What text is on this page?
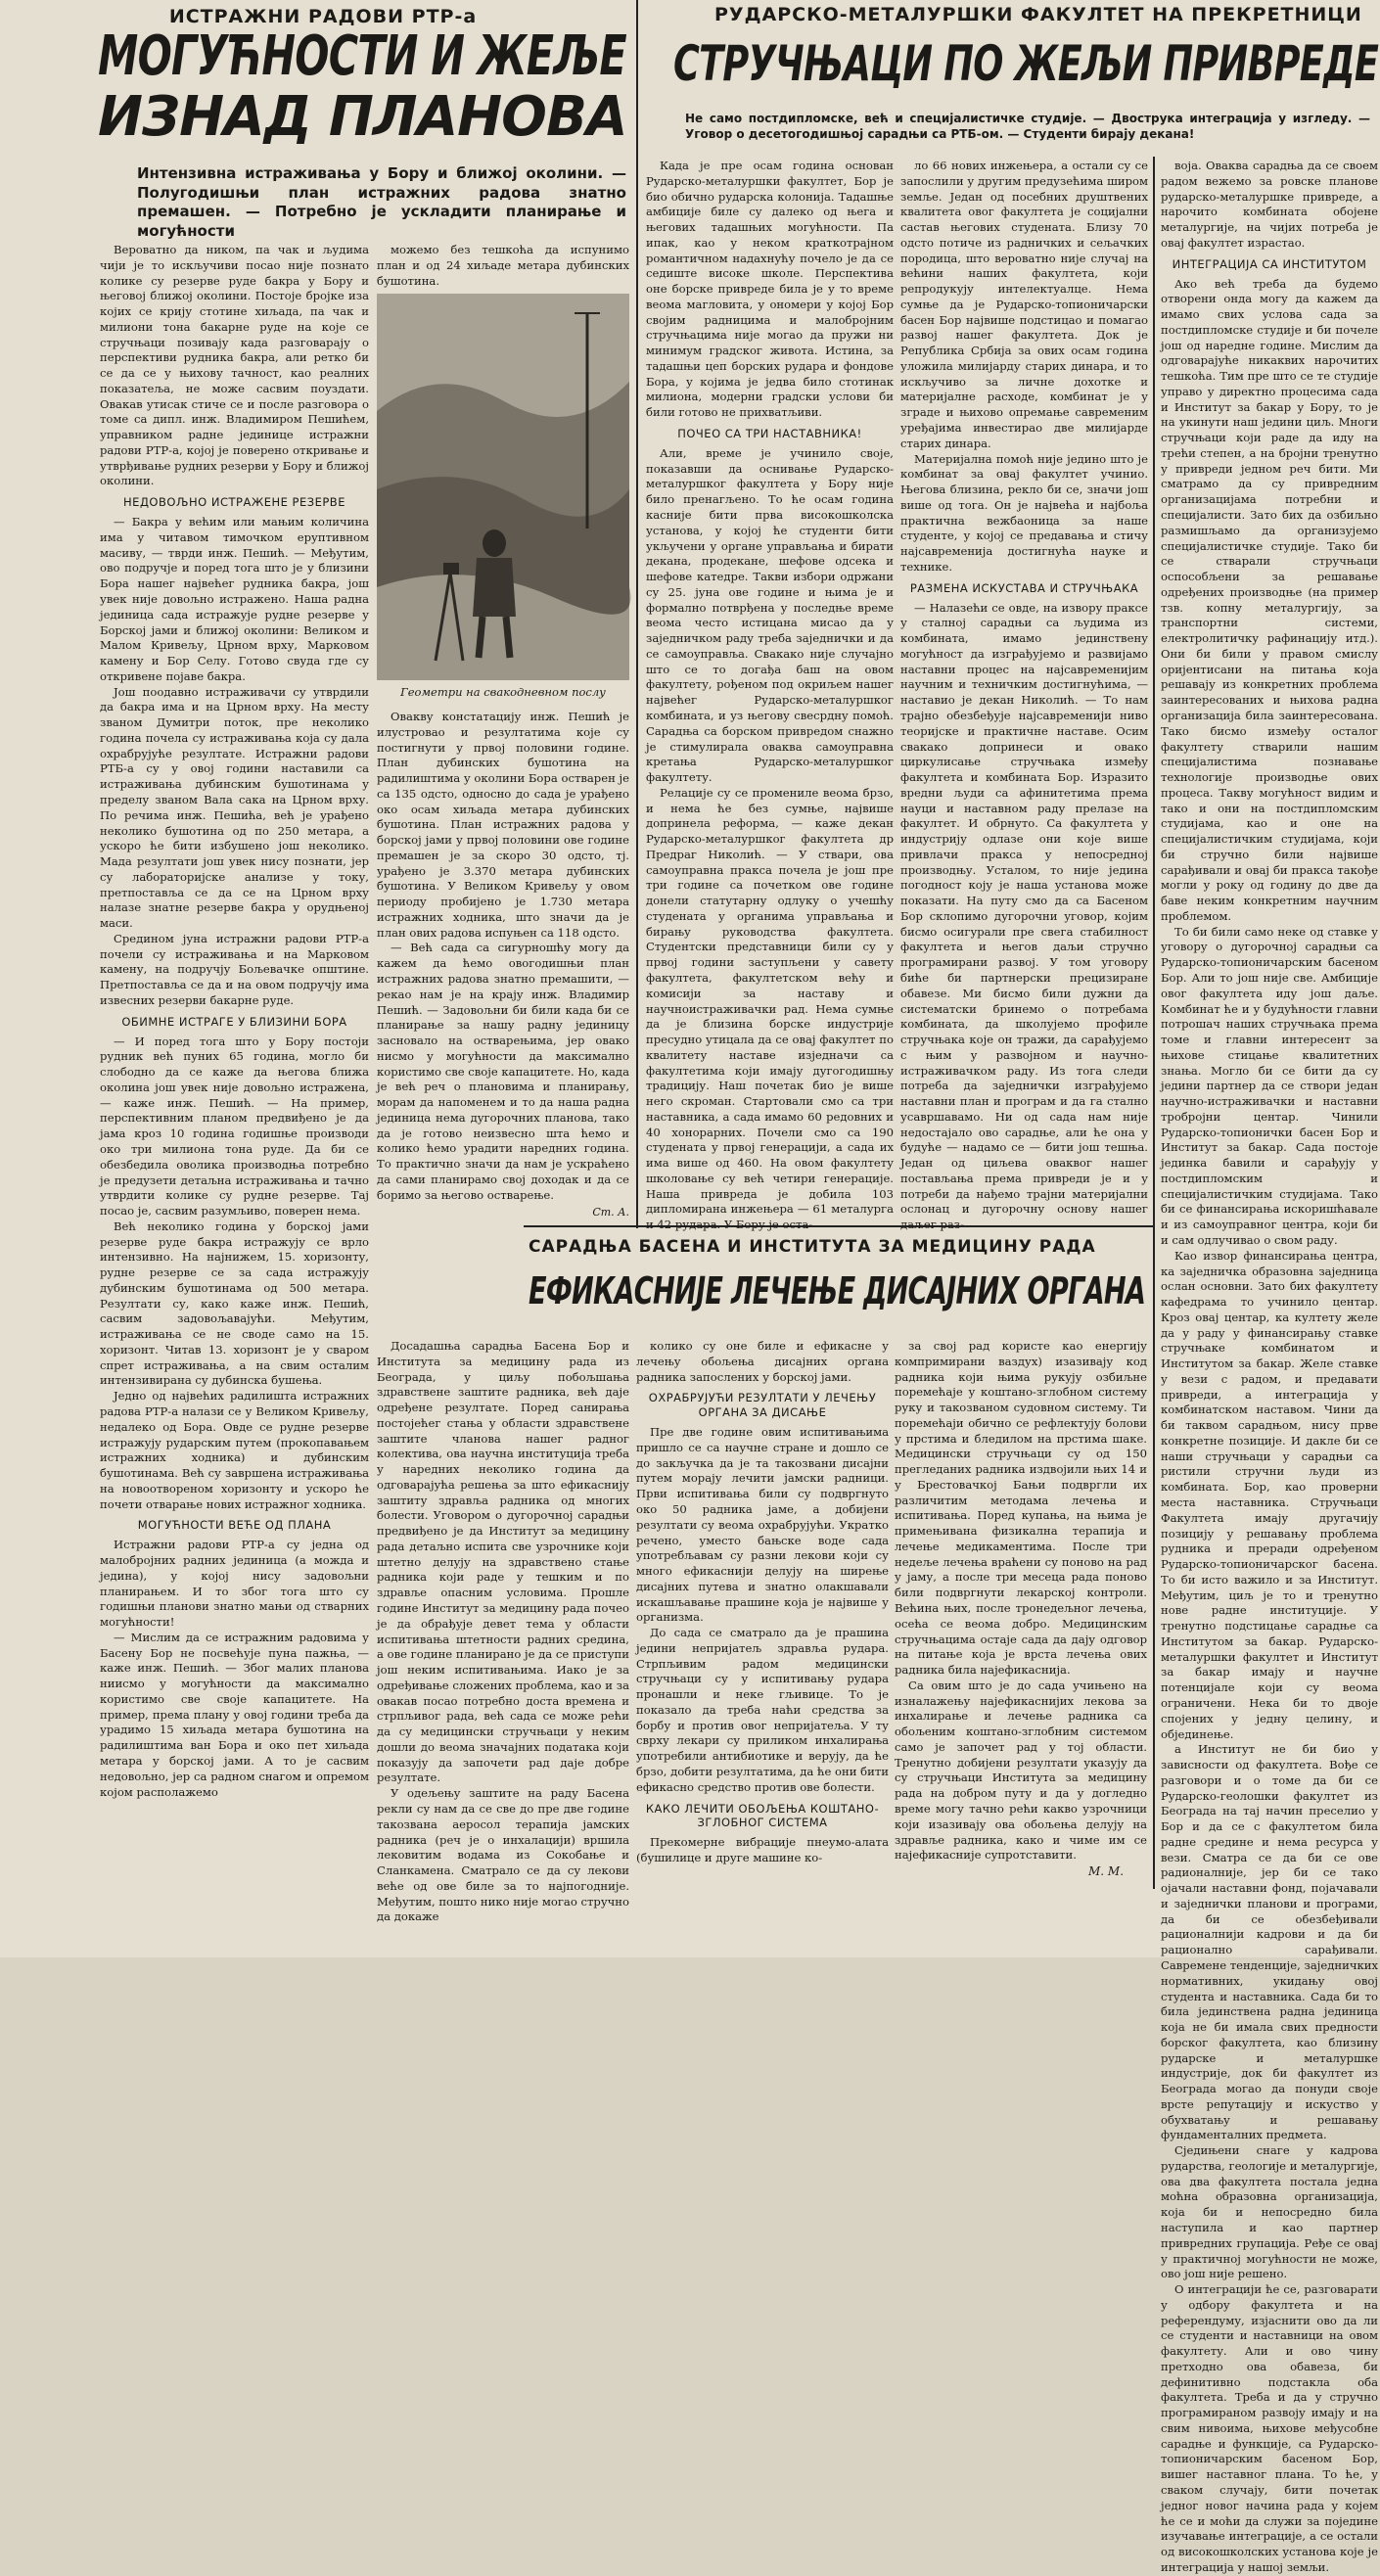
ИСТРАЖНИ РАДОВИ РТР-а
МОГУЋНОСТИ И ЖЕЉЕ
ИЗНАД ПЛАНОВА
Интензивна истраживања у Бору и ближој околини. — Полугодишњи план истражних радова знатно премашен. — Потребно је ускладити планирање и могућности

Вероватно да ником, па чак и људима чији је то искључиви посао није познато колике су резерве руде бакра у Бору и његовој ближој околини. Постоје бројке иза којих се крију стотине хиљада, па чак и милиони тона бакарне руде на које се стручњаци позивају када разговарају о перспективи рудника бакра, али ретко би се да се у њихову тачност, као реалних показатеља, не може сасвим поуздати. Овакав утисак стиче се и после разговора о томе са дипл. инж. Владимиром Пешићем, управником радне јединице истражни радови РТР-а, којој је поверено откривање и утврђивање рудних резерви у Бору и ближој околини.

НЕДОВОЉНО ИСТРАЖЕНЕ РЕЗЕРВЕ

— Бакра у већим или мањим количина има у читавом тимочком еруптивном масиву, — тврди инж. Пешић. — Међутим, ово подручје и поред тога што је у близини Бора нашег највећег рудника бакра, још увек није довољно истражено. Наша радна јединица сада истражује рудне резерве у Борској јами и ближој околини: Великом и Малом Кривељу, Црном врху, Марковом камену и Бор Селу. Готово свуда где су откривене појаве бакра.

Још поодавно истраживачи су утврдили да бакра има и на Црном врху. На месту званом Думитри поток, пре неколико година почела су истраживања која су дала охрабрујуће резултате. Истражни радови РТБ-а су у овој години наставили са истраживања дубинским бушотинама у пределу званом Вала сака на Црном врху. По речима инж. Пешића, већ је урађено неколико бушотина од по 250 метара, а ускоро ће бити избушено још неколико. Мада резултати још увек нису познати, јер су лабораторијске анализе у току, претпоставља се да се на Црном врху налазе знатне резерве бакра у орудњеној маси.

Средином јуна истражни радови РТР-а почели су истраживања и на Марковом камену, на подручју Бољевачке општине. Претпоставља се да и на овом подручју има извесних резерви бакарне руде.

ОБИМНЕ ИСТРАГЕ У БЛИЗИНИ БОРА

— И поред тога што у Бору постоји рудник већ пуних 65 година, могло би слободно да се каже да његова ближа околина још увек није довољно истражена, — каже инж. Пешић. — На пример, перспективним планом предвиђено је да јама кроз 10 година годишње производи око три милиона тона руде. Да би се обезбедила оволика производња потребно је предузети детаљна истраживања и тачно утврдити колике су рудне резерве. Тај посао је, сасвим разумљиво, поверен нема.

Већ неколико година у борској јами резерве руде бакра истражују се врло интензивно. На најнижем, 15. хоризонту, рудне резерве се за сада истражују дубинским бушотинама од 500 метара. Резултати су, како каже инж. Пешић, сасвим задовољавајући. Међутим, истраживања се не своде само на 15. хоризонт. Читав 13. хоризонт је у сваром спрет истраживања, а на свим осталим интензивирана су дубинска бушења.

Једно од највећих радилишта истражних радова РТР-а налази се у Великом Кривељу, недалеко од Бора. Овде се рудне резерве истражују рударским путем (прокопавањем истражних ходника) и дубинским бушотинама. Већ су завршена истраживања на новоотвореном хоризонту и ускоро ће почети отварање нових истражног ходника.

МОГУЋНОСТИ ВЕЋЕ ОД ПЛАНА

Истражни радови РТР-а су једна од малобројних радних јединица (а можда и једина), у којој нису задовољни планирањем. И то због тога што су годишњи планови знатно мањи од стварних могућности!

— Мислим да се истражним радовима у Басену Бор не посвећује пуна пажња, — каже инж. Пешић. — Због малих планова ниисмо у могућности да максимално користимо све своје капацитете. На пример, према плану у овој години треба да урадимо 15 хиљада метара бушотина на радилиштима ван Бора и око пет хиљада метара у борској јами. А то је сасвим недовољно, јер са радном снагом и опремом којом располажемо

можемо без тешкоћа да испунимо план и од 24 хиљаде метара дубинских бушотина.

Геометри на свакодневном послу

Овакву констатацију инж. Пешић је илустровао и резултатима које су постигнути у првој половини године. План дубинских бушотина на радилиштима у околини Бора остварен је са 135 одсто, односно до сада је урађено око осам хиљада метара дубинских бушотина. План истражних радова у борској јами у првој половини ове године премашен је за скоро 30 одсто, тј. урађено је 3.370 метара дубинских бушотина. У Великом Кривељу у овом периоду пробијено је 1.730 метара истражних ходника, што значи да је план ових радова испуњен са 118 одсто.

— Већ сада са сигурношћу могу да кажем да ћемо овогодишњи план истражних радова знатно премашити, — рекао нам је на крају инж. Владимир Пешић. — Задовољни би били када би се планирање за нашу радну јединицу засновало на остварењима, јер овако нисмо у могућности да максимално користимо све своје капацитете. Но, када је већ реч о плановима и планирању, морам да напоменем и то да наша радна јединица нема дугорочних планова, тако да је готово неизвесно шта ћемо и колико ћемо урадити наредних година. То практично значи да нам је ускраћено да сами планирамо свој доходак и да се боримо за његово остварење.

Ст. А.
РУДАРСКО-МЕТАЛУРШКИ ФАКУЛТЕТ НА ПРЕКРЕТНИЦИ
СТРУЧЊАЦИ ПО ЖЕЉИ ПРИВРЕДЕ
Не само постдипломске, већ и специјалистичке студије. — Двострука интеграција у изгледу. — Уговор о десетогодишњој сарадњи са РТБ-ом. — Студенти бирају декана!

Када је пре осам година основан Рударско-металуршки факултет, Бор је био обично рударска колонија. Тадашње амбиције биле су далеко од њега и његових тадашњих могућности. Па ипак, као у неком краткотрајном романтичном надахнућу почело је да се седиште високе школе. Перспектива оне борске привреде била је у то време веома магловита, у ономери у којој Бор својим радницима и малобројним стручњацима није могао да пружи ни минимум градског живота. Истина, за тадашњи цеп борских рудара и фондове Бора, у којима је једва било стотинак милиона, модерни градски услови би били готово не прихватљиви.

ПОЧЕО СА ТРИ НАСТАВНИКА!

Али, време је учинило своје, показавши да оснивање Рударско-металуршког факултета у Бору није било пренагљено. То ће осам година касније бити прва високошколска установа, у којој ће студенти бити укључени у органе управљања и бирати декана, продекане, шефове одсека и шефове катедре. Такви избори одржани су 25. јуна ове године и њима је и формално потврђена у последње време веома често истицана мисао да у заједничком раду треба заједнички и да се самоуправља. Свакако није случајно што се то догађа баш на овом факултету, рођеном под окриљем нашег највећег Рударско-металуршког комбината, и уз његову свесрдну помоћ. Сарадња са борском привредом снажно је стимулирала оваква самоуправна кретања Рударско-металуршког факултету.

Релације су се промениле веома брзо, и нема ће без сумње, највише допринела реформа, — каже декан Рударско-металуршког факултета др Предраг Николић. — У ствари, ова самоуправна пракса почела је још пре три године са почетком ове године донели статутарну одлуку о учешћу студената у органима управљања и бирању руководства факултета. Студентски представници били су у првој години заступљени у савету факултета, факултетском већу и комисији за наставу и научноистраживачки рад. Нема сумње да је близина борске индустрије пресудно утицала да се овај факултет по квалитету наставе изједначи са факултетима који имају дугогодишњу традицију. Наш почетак био је више него скроман. Стартовали смо са три наставника, а сада имамо 60 редовних и 40 хонорарних. Почели смо са 190 студената у првој генерацији, а сада их има више од 460. На овом факултету школовање су већ четири генерације. Наша привреда је добила 103 дипломирана инжењера — 61 металурга и 42 рудара. У Бору је оста-

ло 66 нових инжењера, а остали су се запослили у другим предузећима широм земље. Један од посебних друштвених квалитета овог факултета је социјални састав његових студената. Близу 70 одсто потиче из радничких и сељачких породица, што вероватно није случај на већини наших факултета, који репродукују интелектуалце. Нема сумње да је Рударско-топионичарски басен Бор највише подстицао и помагао развој нашег факултета. Док је Република Србија за ових осам година уложила милијарду старих динара, и то искључиво за личне дохотке и материјалне расходе, комбинат је у зграде и њихово опремање савременим уређајима инвестирао две милијарде старих динара.

Материјална помоћ није једино што је комбинат за овај факултет учинио. Његова близина, рекло би се, значи још више од тога. Он је највећа и најбоља практична вежбаоница за наше студенте, у којој се предавања и стичу најсавременија достигнућа науке и технике.

РАЗМЕНА ИСКУСТАВА И СТРУЧЊАКА

— Налазећи се овде, на извору праксе у сталној сарадњи са људима из комбината, имамо јединствену могућност да изграђујемо и развијамо наставни процес на најсавременијим научним и техничким достигнућима, — наставио је декан Николић. — То нам трајно обезбеђује најсавременији ниво теоријске и практичне наставе. Осим свакако допринеси и овако циркулисање стручњака између факултета и комбината Бор. Изразито вредни људи са афинитетима према науци и наставном раду прелазе на факултет. И обрнуто. Са факултета у индустрију одлазе они које више привлачи пракса у непосредној производњу. Усталом, то није једина погодност коју је наша установа може показати. На путу смо да са Басеном Бор склопимо дугорочни уговор, којим бисмо осигурали пре свега стабилност факултета и његов даљи стручно програмирани развој. У том уговору биће би партнерски прецизиране обавезе. Ми бисмо били дужни да систематски бринемо о потребама комбината, да школујемо профиле стручњака које он тражи, да сарађујемо с њим у развојном и научно-истраживачком раду. Из тога следи потреба да заједнички изграђујемо наставни план и програм и да га стално усавршавамо. Ни од сада нам није недостајало ово сарадње, али ће она у будуће — надамо се — бити још тешња. Један од циљева оваквог нашег постављања према привреди је и у потреби да нађемо трајни материјални ослонац и дугорочну основу нашег даљег раз-

воја. Оваква сарадња да се своем радом вежемо за ровске планове рударско-металуршке привреде, а нарочито комбината обојене металургије, на чијих потреба је овај факултет израстао.

ИНТЕГРАЦИЈА СА ИНСТИТУТОМ

Ако већ треба да будемо отворени онда могу да кажем да имамо свих услова сада за постдипломске студије и би почеле још од наредне године. Мислим да одговарајуће никаквих нарочитих тешкоћа. Тим пре што се те студије управо у директно процесима сада и Институт за бакар у Бору, то је на укинути наш једини циљ. Многи стручњаци који раде да иду на трећи степен, а на бројни тренутно у привреди једном реч бити. Ми сматрамо да су привредним организацијама потребни и специјалисти. Зато бих да озбиљно размишљамо да организујемо специјалистичке студије. Тако би се стварали стручњаци оспособљени за решавање одређених производње (на пример тзв. копну металургију, за транспортни системи, електролитичку рафинацију итд.). Они би били у правом смислу оријентисани на питања која решавају из конкретних проблема заинтересованих и њихова радна организација била заинтересована. Тако бисмо између осталог факултету стварили нашим специјалистима познавање технологије производње ових процеса. Такву могућност видим и тако и они на постдипломским студијама, као и оне на специјалистичким студијама, који би стручно били највише сарађивали и овај би пракса такође могли у року од годину до две да баве неким конкретним научним проблемом.

То би били само неке од ставке у уговору о дугорочној сарадњи са Рударско-топионичарским басеном Бор. Али то још није све. Амбиције овог факултета иду још даље. Комбинат ће и у будућности главни потрошач наших стручњака према томе и главни интересент за њихове стицање квалитетних знања. Могло би се бити да су једини партнер да се створи један научно-истраживачки и наставни тробројни центар. Чинили Рударско-топионички басен Бор и Институт за бакар. Сада постоје јединка бавили и сарађују у постдипломским и специјалистичким студијама. Тако би се финансирања искоришћавале и из самоуправног центра, који би и сам одлучивао о свом раду.

Као извор финансирања центра, ка заједничка образовна заједница ослан основни. Зато бих факултету кафедрама то учинило центар. Кроз овај центар, ка култету желе да у раду у финансирању ставке стручњаке комбинатом и Институтом за бакар. Желе ставке у вези с радом, и предавати привреди, а интеграција у комбинатском наставом. Чини да би таквом сарадњом, нису прве конкретне позиције. И дакле би се наши стручњаци у сарадњи са ристили стручни људи из комбината. Бор, као проверни места наставника. Стручњаци Факултета имају другачију позицију у решавању проблема рудника и преради одређеном Рударско-топионичарског басена. То би исто важило и за Институт. Међутим, циљ је то и тренутно нове радне институције. У тренутно подстицање сарадње са Институтом за бакар. Рударско-металуршки факултет и Институт за бакар имају и научне потенцијале који су веома ограничени. Нека би то двоје спојених у једну целину, и објединење.

а Институт не би био у зависности од факултета. Вође се разговори и о томе да би се Рударско-геолошки факултет из Београда на тај начин преселио у Бор и да се с факултетом била радне средине и нема ресурса у вези. Сматра се да би се ове радионалније, јер би се тако ојачали наставни фонд, појачавали и заједнички планови и програми, да би се обезбеђивали рационалнији кадрови и да би рационално сарађивали. Савремене тенденције, заједничких нормативних, укидању овој студента и наставника. Сада би то била јединствена радна јединица која не би имала свих предности борског факултета, као близину рударске и металуршке индустрије, док би факултет из Београда могао да понуди своје врсте репутацију и искуство у обухватању и решавању фундаменталних предмета.

Сједињени снаге у кадрова рударства, геологије и металургије, ова два факултета постала једна моћна образовна организација, која би и непосредно била наступила и као партнер привредних групација. Ређе се овај у практичној могућности не може, ово још није решено.

О интеграцији ће се, разговарати у одбору факултета и на референдуму, изјаснити ово да ли се студенти и наставници на овом факултету. Али и ово чину претходно ова обавеза, би дефинитивно подстакла оба факултета. Треба и да у стручно програмираном развоју имају и на свим нивоима, њихове међусобне сарадње и функције, са Рударско-топионичарским басеном Бор, вишег наставног плана. То ће, у сваком случају, бити почетак једног новог начина рада у којем ће се и моћи да служи за поједине изучавање интеграције, а се остали од високошколских установа које је интеграција у нашој земљи.

САРАДЊА БАСЕНА И ИНСТИТУТА ЗА МЕДИЦИНУ РАДА
ЕФИКАСНИЈЕ ЛЕЧЕЊЕ ДИСАЈНИХ ОРГАНА

Досадашња сарадња Басена Бор и Института за медицину рада из Београда, у циљу побољшања здравствене заштите радника, већ даје одређене резултате. Поред санирања постојећег стања у области здравствене заштите чланова нашег радног колектива, ова научна институција треба у наредних неколико година да одговарајућа решења за што ефикаснију заштиту здравља радника од многих болести. Уговором о дугорочној сарадњи предвиђено је да Институт за медицину рада детаљно испита све узрочнике који штетно делују на здравствено стање радника који раде у тешким и по здравље опасним условима. Прошле године Институт за медицину рада почео је да обрађује девет тема у области испитивања штетности радних средина, а ове године планирано је да се приступи још неким испитивањима. Иако је за одређивање сложених проблема, као и за овакав посао потребно доста времена и стрпљивог рада, већ сада се може рећи да су медицински стручњаци у неким дошли до веома значајних података који показују да започети рад даје добре резултате.

У одељењу заштите на раду Басена рекли су нам да се све до пре две године такозвана аеросол терапија јамских радника (реч је о инхалацији) вршила лековитим водама из Сокобање и Сланкамена. Сматрало се да су лекови веће од ове биле за то најпогодније. Међутим, пошто нико није могао стручно да докаже

колико су оне биле и ефикасне у лечењу обољења дисајних органа радника запослених у борској јами.

ОХРАБРУЈУЋИ РЕЗУЛТАТИ У ЛЕЧЕЊУ ОРГАНА ЗА ДИСАЊЕ

Пре две године овим испитивањима пришло се са научне стране и дошло се до закључка да је та такозвани дисајни путем морају лечити јамски радници. Први испитивања били су подвргнуто око 50 радника јаме, а добијени резултати су веома охрабрујући. Укратко речено, уместо бањске воде сада употребљавам су разни лекови који су много ефикаснији делују на ширење дисајних путева и знатно олакшавали искашљавање прашине која је највише у организма.

До сада се сматрало да је прашина једини непријатељ здравља рудара. Стрпљивим радом медицински стручњаци су у испитивању рудара пронашли и неке гљивице. То је показало да треба наћи средства за борбу и против овог непријатеља. У ту сврху лекари су приликом инхалирања употребили антибиотике и верују, да ће брзо, добити резултатима, да ће они бити ефикасно средство против ове болести.

КАКО ЛЕЧИТИ ОБОЉЕЊА КОШТАНО-ЗГЛОБНОГ СИСТЕМА

Прекомерне вибрације пнеумо-алата (бушилице и друге машине ко-

за свој рад користе као енергију компримирани ваздух) изазивају код радника који њима рукују озбиљне поремећаје у коштано-зглобном систему руку и такозваном судовном систему. Ти поремећаји обично се рефлектују болови у прстима и бледилом на прстима шаке. Медицински стручњаци су од 150 прегледаних радника издвојили њих 14 и у Брестовачкој Бањи подвргли их различитим методама лечења и испитивања. Поред купања, на њима је примењивана физикална терапија и лечење медикаментима. После три недеље лечења враћени су поново на рад у јаму, а после три месеца рада поново били подвргнути лекарској контроли. Већина њих, после тронедељног лечења, осећа се веома добро. Медицинским стручњацима остаје сада да дају одговор на питање која је врста лечења ових радника била најефикаснија.

Са овим што је до сада учињено на изналажењу најефикаснијих лекова за инхалирање и лечење радника са обољеним коштано-зглобним системом само је започет рад у тој области. Тренутно добијени резултати указују да су стручњаци Института за медицину рада на добром путу и да у догледно време могу тачно рећи какво узрочници који изазивају ова обољења делују на здравље радника, како и чиме им се најефикасније супротставити.

М. М.
